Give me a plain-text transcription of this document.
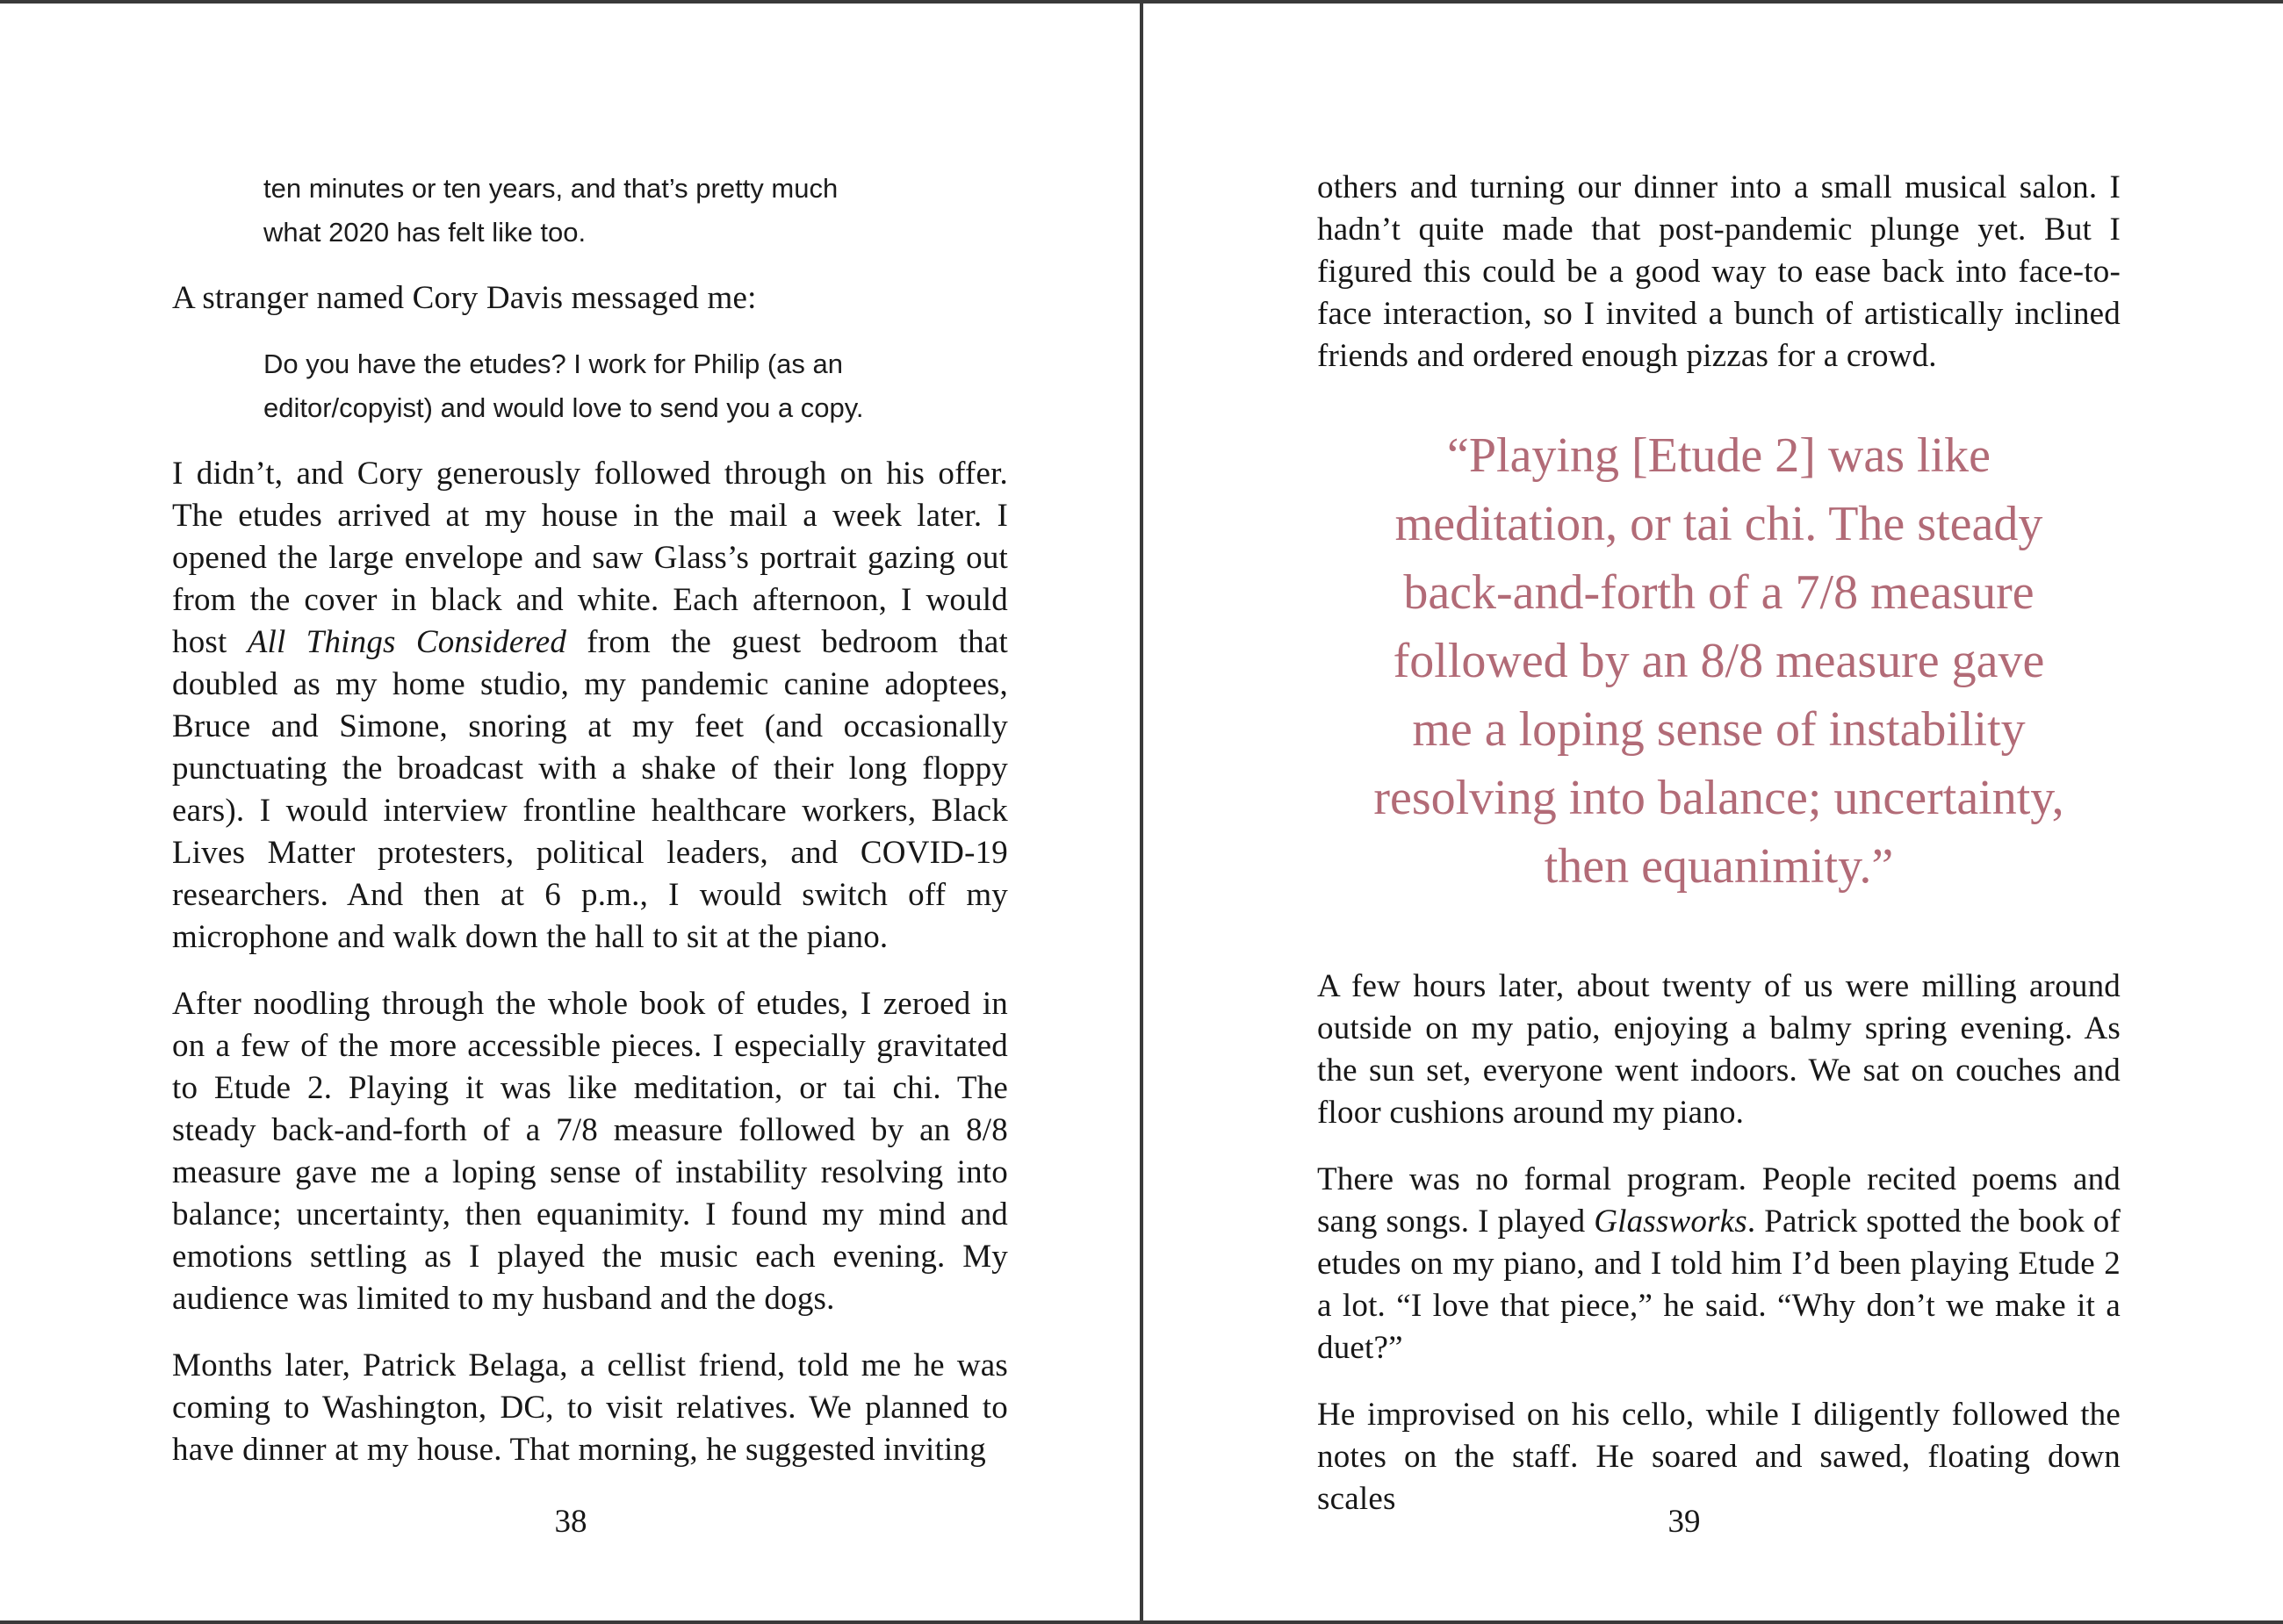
ten minutes or ten years, and that’s pretty much what 2020 has felt like too.

A stranger named Cory Davis messaged me:

Do you have the etudes? I work for Philip (as an editor/copyist) and would love to send you a copy.

I didn’t, and Cory generously followed through on his offer. The etudes arrived at my house in the mail a week later. I opened the large envelope and saw Glass’s portrait gazing out from the cover in black and white. Each afternoon, I would host All Things Considered from the guest bedroom that doubled as my home studio, my pandemic canine adoptees, Bruce and Simone, snoring at my feet (and occasionally punctuating the broadcast with a shake of their long floppy ears). I would interview frontline healthcare workers, Black Lives Matter protesters, political leaders, and COVID-19 researchers. And then at 6 p.m., I would switch off my microphone and walk down the hall to sit at the piano.

After noodling through the whole book of etudes, I zeroed in on a few of the more accessible pieces. I especially gravitated to Etude 2. Playing it was like meditation, or tai chi. The steady back-and-forth of a 7/8 measure followed by an 8/8 measure gave me a loping sense of instability resolving into balance; uncertainty, then equanimity. I found my mind and emotions settling as I played the music each evening. My audience was limited to my husband and the dogs.

Months later, Patrick Belaga, a cellist friend, told me he was coming to Washington, DC, to visit relatives. We planned to have dinner at my house. That morning, he suggested inviting

others and turning our dinner into a small musical salon. I hadn’t quite made that post-pandemic plunge yet. But I figured this could be a good way to ease back into face-to-face interaction, so I invited a bunch of artistically inclined friends and ordered enough pizzas for a crowd.

“Playing [Etude 2] was like
meditation, or tai chi. The steady
back-and-forth of a 7/8 measure
followed by an 8/8 measure gave
me a loping sense of instability
resolving into balance; uncertainty,
then equanimity.”

A few hours later, about twenty of us were milling around outside on my patio, enjoying a balmy spring evening. As the sun set, everyone went indoors. We sat on couches and floor cushions around my piano.

There was no formal program. People recited poems and sang songs. I played Glassworks. Patrick spotted the book of etudes on my piano, and I told him I’d been playing Etude 2 a lot. “I love that piece,” he said. “Why don’t we make it a duet?”

He improvised on his cello, while I diligently followed the notes on the staff. He soared and sawed, floating down scales

38	39
